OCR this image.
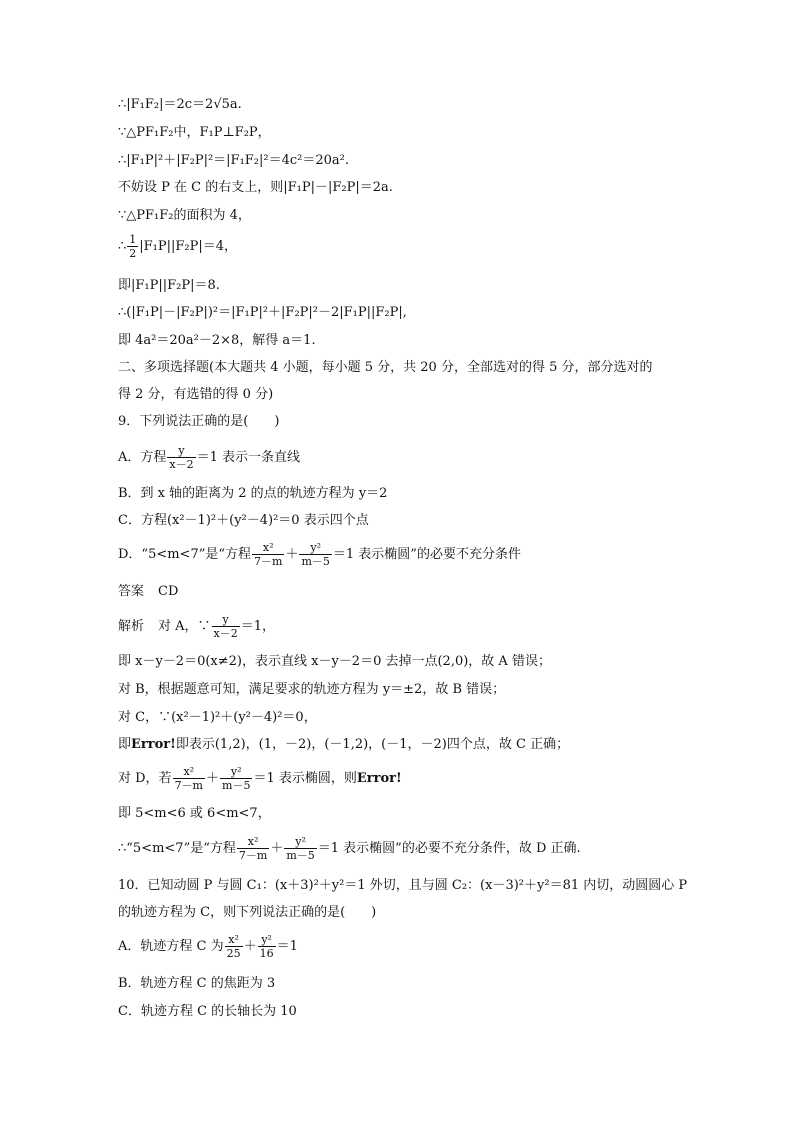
∴|F₁F₂|＝2c＝2√5a.
∵△PF₁F₂中，F₁P⊥F₂P，
∴|F₁P|²＋|F₂P|²＝|F₁F₂|²＝4c²＝20a².
不妨设 P 在 C 的右支上，则|F₁P|－|F₂P|＝2a.
∵△PF₁F₂的面积为 4，
∴ $\frac{1}{2} |F_1P||F_2P|=4$，
即|F₁P||F₂P|＝8.
∴(|F₁P|－|F₂P|)²＝|F₁P|²＋|F₂P|²－2|F₁P||F₂P|,
即 4a²＝20a²－2×8，解得 a＝1.
二、多项选择题(本大题共 4 小题，每小题 5 分，共 20 分，全部选对的得 5 分，部分选对的
得 2 分，有选错的得 0 分)
9．下列说法正确的是(　　)
A．方程 $\frac{y}{x-2} =1$ 表示一条直线
B．到 x 轴的距离为 2 的点的轨迹方程为 y＝2
C．方程(x²－1)²＋(y²－4)²＝0 表示四个点
D．“5<m<7”是“方程 $\frac{\text{x²}}{7-m} + \frac{\text{y²}}{m-5} =1$ 表示椭圆”的必要不充分条件
答案 CD
解析 对 A，∵ $\frac{y}{x-2} =1$，
即 x－y－2＝0(x≠2)，表示直线 x－y－2＝0 去掉一点(2,0)，故 A 错误；
对 B，根据题意可知，满足要求的轨迹方程为 y＝±2，故 B 错误；
对 C，∵(x²－1)²＋(y²－4)²＝0，
即Error!即表示(1,2)，(1，－2)，(－1,2)，(－1，－2)四个点，故 C 正确；
对 D，若 $\frac{\text{x²}}{7-m} + \frac{\text{y²}}{m-5} =1$ 表示椭圆，则Error!
即 5<m<6 或 6<m<7，
∴“5<m<7”是“方程 $\frac{\text{x²}}{7-m} + \frac{\text{y²}}{m-5} =1$ 表示椭圆”的必要不充分条件，故 D 正确.
10．已知动圆 P 与圆 C₁：(x＋3)²＋y²＝1 外切，且与圆 C₂：(x－3)²＋y²＝81 内切，动圆圆心 P
的轨迹方程为 C，则下列说法正确的是(　　)
A．轨迹方程 C 为 $\frac{\text{x²}}{25} + \frac{\text{y²}}{16} =1$
B．轨迹方程 C 的焦距为 3
C．轨迹方程 C 的长轴长为 10
